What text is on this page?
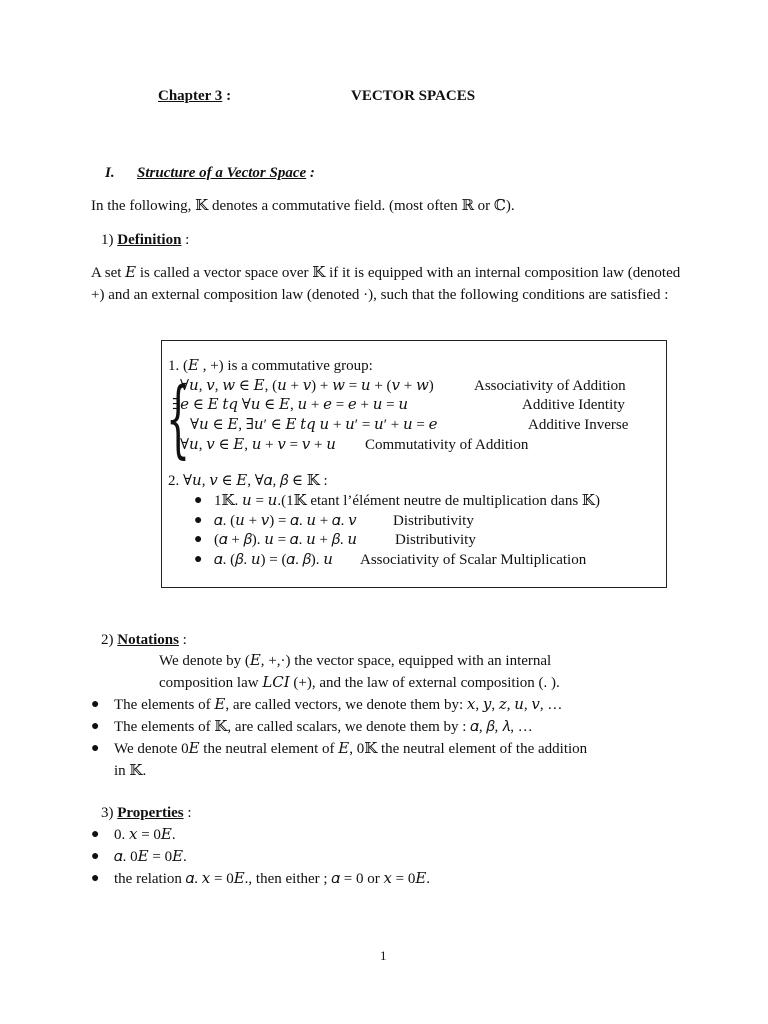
Chapter 3 :	VECTOR SPACES
I. Structure of a Vector Space :
In the following, 𝕂 denotes a commutative field. (most often ℝ or ℂ).
1) Definition :
A set 𝐸 is called a vector space over 𝕂 if it is equipped with an internal composition law (denoted +) and an external composition law (denoted ·), such that the following conditions are satisfied :
1. (𝐸 , +) is a commutative group:
{
∀𝑢, 𝑣, 𝑤 ∈ 𝐸, (𝑢 + 𝑣) + 𝑤 = 𝑢 + (𝑣 + 𝑤)	Associativity of Addition
∃𝑒 ∈ 𝐸 𝑡𝑞 ∀𝑢 ∈ 𝐸, 𝑢 + 𝑒 = 𝑒 + 𝑢 = 𝑢	Additive Identity
∀𝑢 ∈ 𝐸, ∃𝑢′ ∈ 𝐸 𝑡𝑞 𝑢 + 𝑢′ = 𝑢′ + 𝑢 = 𝑒	Additive Inverse
∀𝑢, 𝑣 ∈ 𝐸, 𝑢 + 𝑣 = 𝑣 + 𝑢 Commutativity of Addition
2. ∀𝑢, 𝑣 ∈ 𝐸, ∀𝛼, 𝛽 ∈ 𝕂 :
● 1𝕂. 𝑢 = 𝑢.(1𝕂 etant l’élément neutre de multiplication dans 𝕂)
● 𝛼. (𝑢 + 𝑣) = 𝛼. 𝑢 + 𝛼. 𝑣 Distributivity
● (𝛼 + 𝛽). 𝑢 = 𝛼. 𝑢 + 𝛽. 𝑢	Distributivity
● 𝛼. (𝛽. 𝑢) = (𝛼. 𝛽). 𝑢 Associativity of Scalar Multiplication
2) Notations :
We denote by (𝐸, +,·) the vector space, equipped with an internal
composition law 𝐿𝐶𝐼 (+), and the law of external composition (. ).
● The elements of 𝐸, are called vectors, we denote them by: 𝑥, 𝑦, 𝑧, 𝑢, 𝑣, …
● The elements of 𝕂, are called scalars, we denote them by : 𝛼, 𝛽, 𝜆, …
● We denote 0𝐸 the neutral element of 𝐸, 0𝕂 the neutral element of the addition
in 𝕂.
3) Properties :
● 0. 𝑥 = 0𝐸.
● 𝛼. 0𝐸 = 0𝐸.
● the relation 𝛼. 𝑥 = 0𝐸., then either ; 𝛼 = 0 or 𝑥 = 0𝐸.
1
